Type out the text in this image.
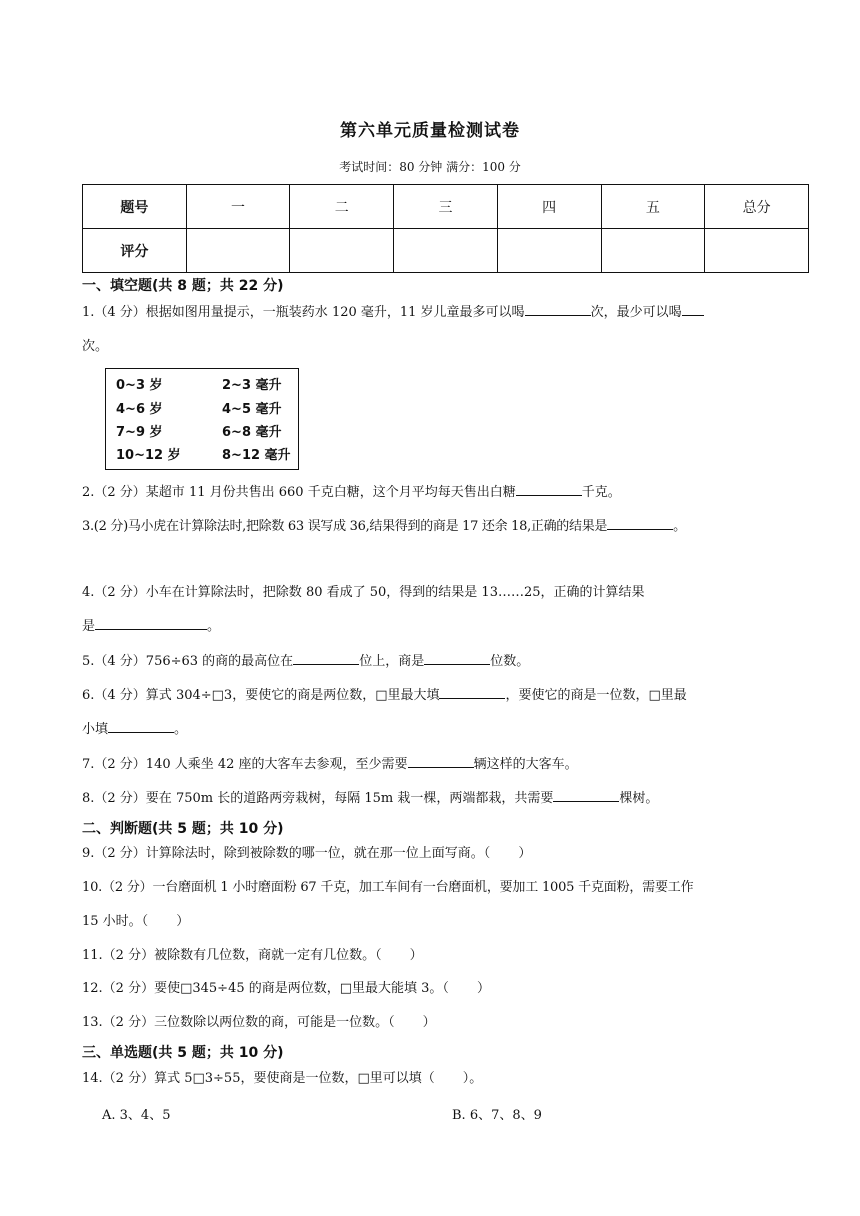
第六单元质量检测试卷
考试时间：80 分钟 满分：100 分
题号	一	二	三	四	五	总分
评分						
一、填空题(共 8 题；共 22 分)
1.（4 分）根据如图用量提示，一瓶装药水 120 毫升，11 岁儿童最多可以喝	次，最少可以喝
次。
0~3 岁	2~3 毫升
4~6 岁	4~5 毫升
7~9 岁	6~8 毫升
10~12 岁	8~12 毫升
2.（2 分）某超市 11 月份共售出 660 千克白糖，这个月平均每天售出白糖	千克。
3.(2 分)马小虎在计算除法时,把除数 63 误写成 36,结果得到的商是 17 还余 18,正确的结果是	。
4.（2 分）小车在计算除法时，把除数 80 看成了 50，得到的结果是 13……25，正确的计算结果
是	。
5.（4 分）756÷63 的商的最高位在	位上，商是	位数。
6.（4 分）算式 304÷□3，要使它的商是两位数，□里最大填	，要使它的商是一位数，□里最
小填	。
7.（2 分）140 人乘坐 42 座的大客车去参观，至少需要	辆这样的大客车。
8.（2 分）要在 750m 长的道路两旁栽树，每隔 15m 栽一棵，两端都栽，共需要	棵树。
二、判断题(共 5 题；共 10 分)
9.（2 分）计算除法时，除到被除数的哪一位，就在那一位上面写商。（ ）
10.（2 分）一台磨面机 1 小时磨面粉 67 千克，加工车间有一台磨面机，要加工 1005 千克面粉，需要工作
15 小时。（ ）
11.（2 分）被除数有几位数，商就一定有几位数。（ ）
12.（2 分）要使□345÷45 的商是两位数，□里最大能填 3。（ ）
13.（2 分）三位数除以两位数的商，可能是一位数。（ ）
三、单选题(共 5 题；共 10 分)
14.（2 分）算式 5□3÷55，要使商是一位数，□里可以填（ ）。
A. 3、4、5	B. 6、7、8、9
